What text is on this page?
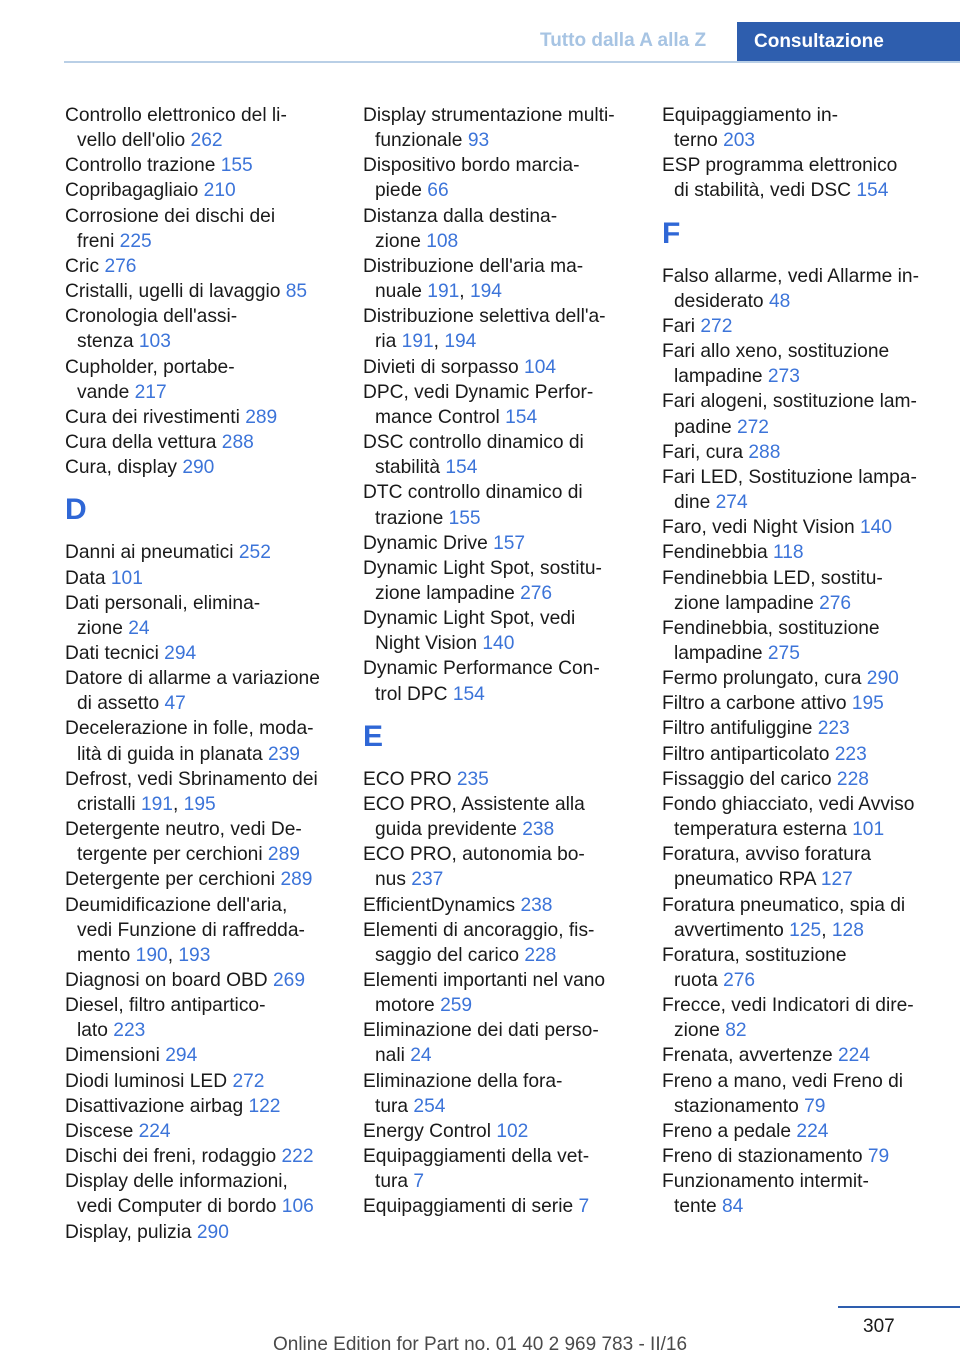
Tutto dalla A alla Z	Consultazione
Controllo elettronico del li-
vello dell'olio 262
Controllo trazione 155
Copribagagliaio 210
Corrosione dei dischi dei
freni 225
Cric 276
Cristalli, ugelli di lavaggio 85
Cronologia dell'assi-
stenza 103
Cupholder, portabe-
vande 217
Cura dei rivestimenti 289
Cura della vettura 288
Cura, display 290
D
Danni ai pneumatici 252
Data 101
Dati personali, elimina-
zione 24
Dati tecnici 294
Datore di allarme a variazione
di assetto 47
Decelerazione in folle, moda-
lità di guida in planata 239
Defrost, vedi Sbrinamento dei
cristalli 191, 195
Detergente neutro, vedi De-
tergente per cerchioni 289
Detergente per cerchioni 289
Deumidificazione dell'aria,
vedi Funzione di raffredda-
mento 190, 193
Diagnosi on board OBD 269
Diesel, filtro antipartico-
lato 223
Dimensioni 294
Diodi luminosi LED 272
Disattivazione airbag 122
Discese 224
Dischi dei freni, rodaggio 222
Display delle informazioni,
vedi Computer di bordo 106
Display, pulizia 290
Display strumentazione multi-
funzionale 93
Dispositivo bordo marcia-
piede 66
Distanza dalla destina-
zione 108
Distribuzione dell'aria ma-
nuale 191, 194
Distribuzione selettiva dell'a-
ria 191, 194
Divieti di sorpasso 104
DPC, vedi Dynamic Perfor-
mance Control 154
DSC controllo dinamico di
stabilità 154
DTC controllo dinamico di
trazione 155
Dynamic Drive 157
Dynamic Light Spot, sostitu-
zione lampadine 276
Dynamic Light Spot, vedi
Night Vision 140
Dynamic Performance Con-
trol DPC 154
E
ECO PRO 235
ECO PRO, Assistente alla
guida previdente 238
ECO PRO, autonomia bo-
nus 237
EfficientDynamics 238
Elementi di ancoraggio, fis-
saggio del carico 228
Elementi importanti nel vano
motore 259
Eliminazione dei dati perso-
nali 24
Eliminazione della fora-
tura 254
Energy Control 102
Equipaggiamenti della vet-
tura 7
Equipaggiamenti di serie 7
Equipaggiamento in-
terno 203
ESP programma elettronico
di stabilità, vedi DSC 154
F
Falso allarme, vedi Allarme in-
desiderato 48
Fari 272
Fari allo xeno, sostituzione
lampadine 273
Fari alogeni, sostituzione lam-
padine 272
Fari, cura 288
Fari LED, Sostituzione lampa-
dine 274
Faro, vedi Night Vision 140
Fendinebbia 118
Fendinebbia LED, sostitu-
zione lampadine 276
Fendinebbia, sostituzione
lampadine 275
Fermo prolungato, cura 290
Filtro a carbone attivo 195
Filtro antifuliggine 223
Filtro antiparticolato 223
Fissaggio del carico 228
Fondo ghiacciato, vedi Avviso
temperatura esterna 101
Foratura, avviso foratura
pneumatico RPA 127
Foratura pneumatico, spia di
avvertimento 125, 128
Foratura, sostituzione
ruota 276
Frecce, vedi Indicatori di dire-
zione 82
Frenata, avvertenze 224
Freno a mano, vedi Freno di
stazionamento 79
Freno a pedale 224
Freno di stazionamento 79
Funzionamento intermit-
tente 84
307
Online Edition for Part no. 01 40 2 969 783 - II/16
